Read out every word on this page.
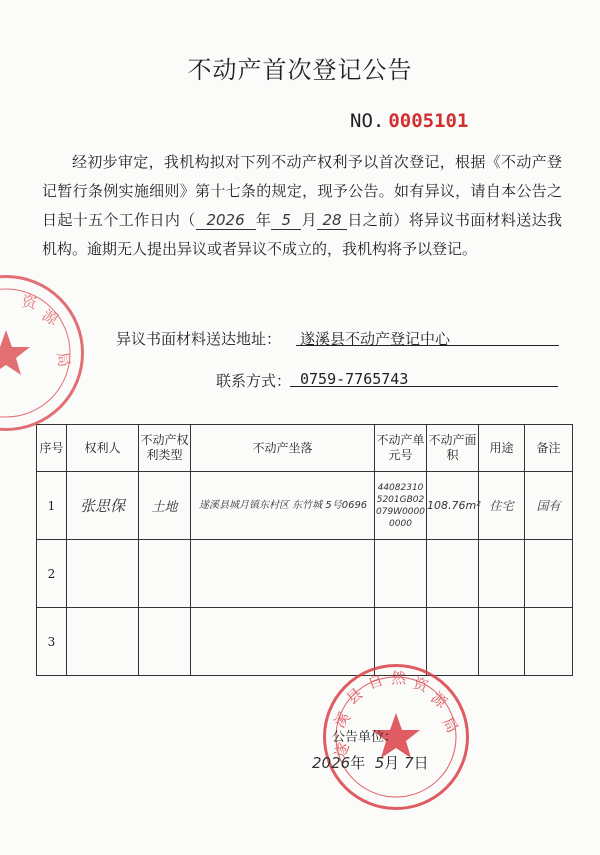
不动产首次登记公告
NO. 0005101
经初步审定，我机构拟对下列不动产权利予以首次登记，根据《不动产登记暂行条例实施细则》第十七条的规定，现予公告。如有异议，请自本公告之日起十五个工作日内（ 2026 年 5 月 28 日之前）将异议书面材料送达我机构。逾期无人提出异议或者异议不成立的，我机构将予以登记。
异议书面材料送达地址： 遂溪县不动产登记中心
联系方式： 0759-7765743
序号	权利人	不动产权利类型	不动产坐落	不动产单元号	不动产面　积	用途	备注
1	张思保	土地	遂溪县城月镇东村区 东竹城 5号0696	440823105201GB02079W00000000	108.76m²	住宅	国有
2							
3							
源
局
资
遂
溪
县
自 然 资
源
局
公告单位：
2026年 5月 7日
